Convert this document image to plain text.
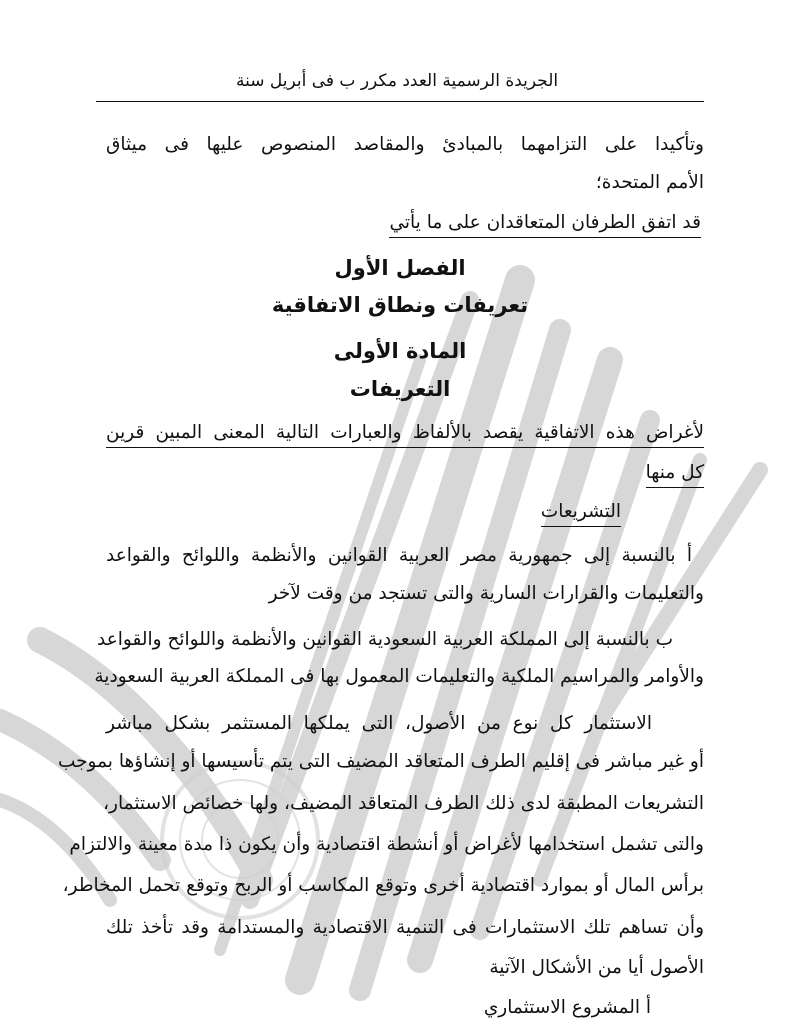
الجريدة الرسمية العدد مكرر ب فى أبريل سنة
وتأكيدا على التزامهما بالمبادئ والمقاصد المنصوص عليها فى ميثاق
الأمم المتحدة؛
قد اتفق الطرفان المتعاقدان على ما يأتي
الفصل الأول
تعريفات ونطاق الاتفاقية
المادة الأولى
التعريفات
لأغراض هذه الاتفاقية يقصد بالألفاظ والعبارات التالية المعنى المبين قرين
كل منها
التشريعات
أ بالنسبة إلى جمهورية مصر العربية القوانين والأنظمة واللوائح والقواعد
والتعليمات والقرارات السارية والتى تستجد من وقت لآخر
ب بالنسبة إلى المملكة العربية السعودية القوانين والأنظمة واللوائح والقواعد
والأوامر والمراسيم الملكية والتعليمات المعمول بها فى المملكة العربية السعودية
الاستثمار كل نوع من الأصول، التى يملكها المستثمر بشكل مباشر
أو غير مباشر فى إقليم الطرف المتعاقد المضيف التى يتم تأسيسها أو إنشاؤها بموجب
التشريعات المطبقة لدى ذلك الطرف المتعاقد المضيف، ولها خصائص الاستثمار،
والتى تشمل استخدامها لأغراض أو أنشطة اقتصادية وأن يكون ذا مدة معينة والالتزام
برأس المال أو بموارد اقتصادية أخرى وتوقع المكاسب أو الربح وتوقع تحمل المخاطر،
وأن تساهم تلك الاستثمارات فى التنمية الاقتصادية والمستدامة وقد تأخذ تلك
الأصول أيا من الأشكال الآتية
أ المشروع الاستثماري
